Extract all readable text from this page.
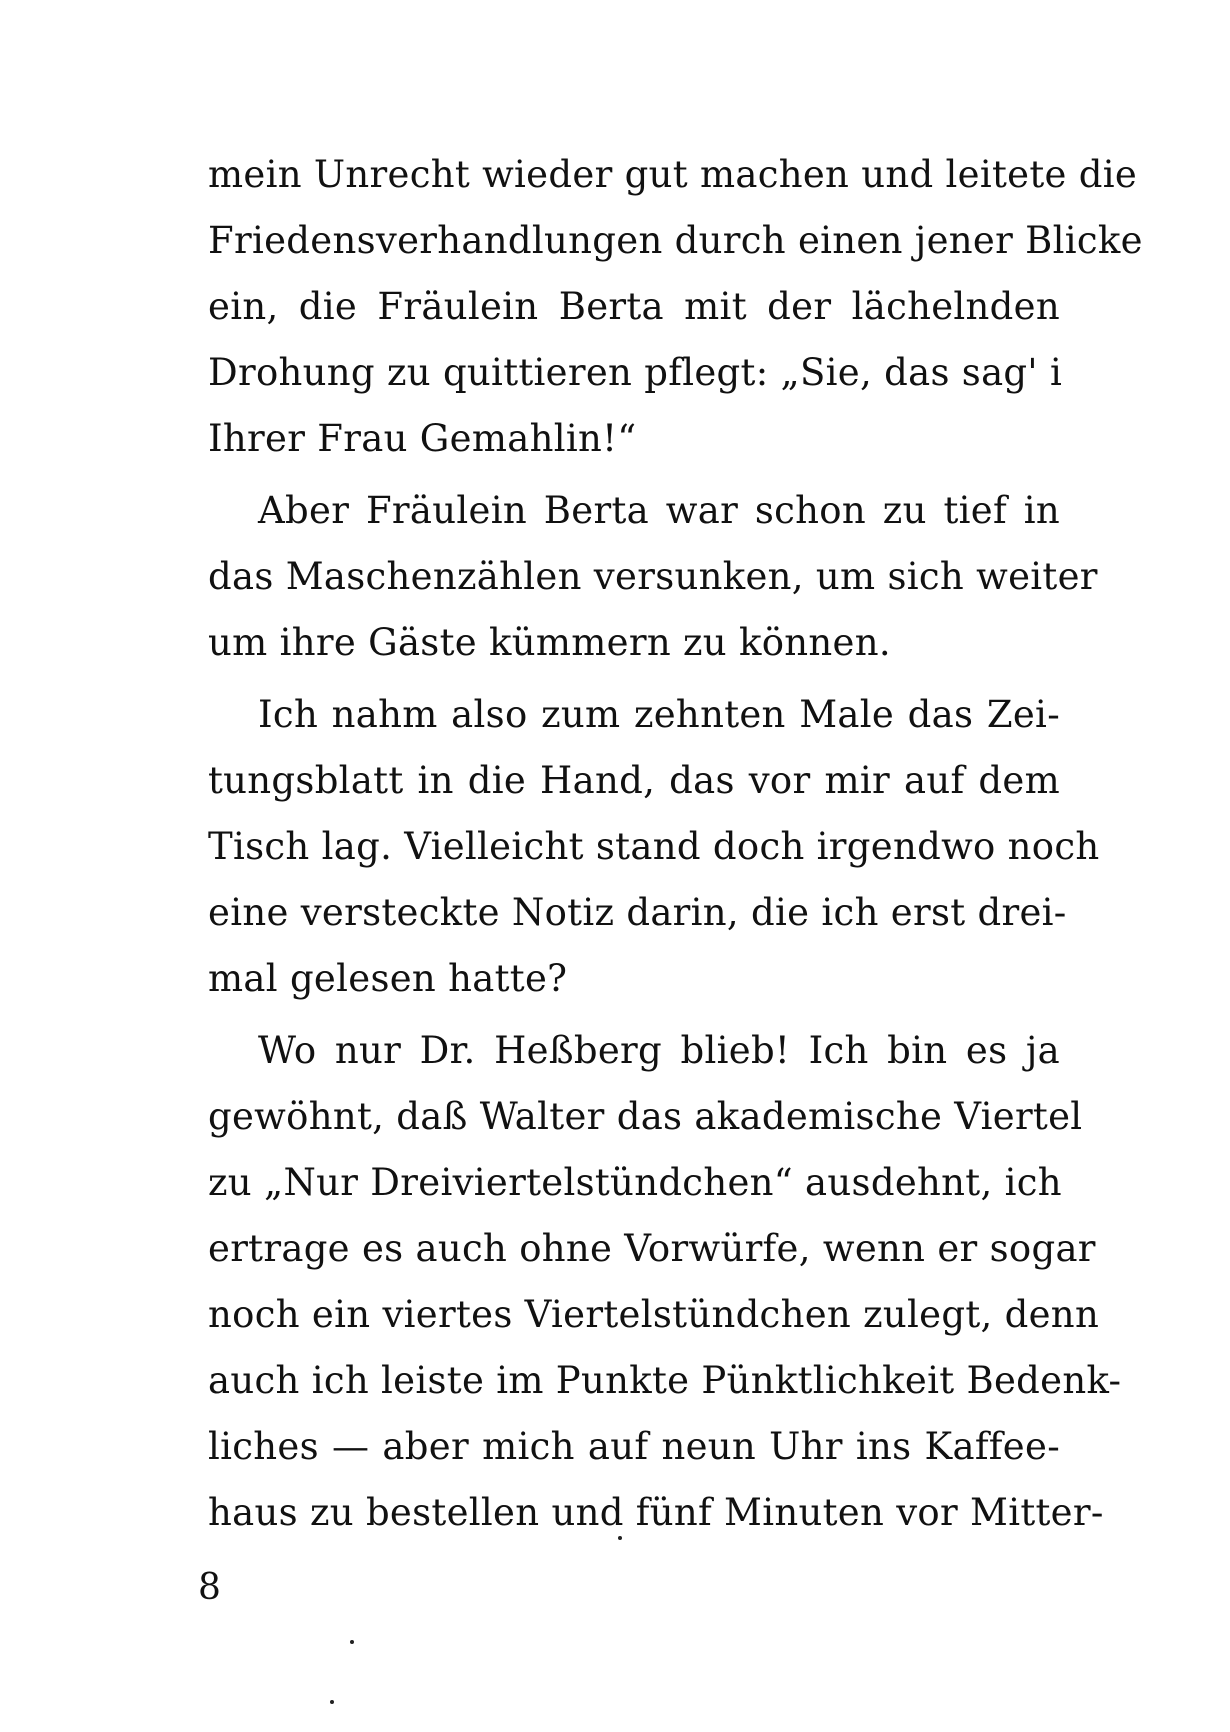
mein Unrecht wieder gut machen und leitete die
Friedensverhandlungen durch einen jener Blicke
ein, die Fräulein Berta mit der lächelnden
Drohung zu quittieren pflegt: „Sie, das sag' i
Ihrer Frau Gemahlin!“
Aber Fräulein Berta war schon zu tief in
das Maschenzählen versunken, um sich weiter
um ihre Gäste kümmern zu können.
Ich nahm also zum zehnten Male das Zei-
tungsblatt in die Hand, das vor mir auf dem
Tisch lag. Vielleicht stand doch irgendwo noch
eine versteckte Notiz darin, die ich erst drei-
mal gelesen hatte?
Wo nur Dr. Heßberg blieb! Ich bin es ja
gewöhnt, daß Walter das akademische Viertel
zu „Nur Dreiviertelstündchen“ ausdehnt, ich
ertrage es auch ohne Vorwürfe, wenn er sogar
noch ein viertes Viertelstündchen zulegt, denn
auch ich leiste im Punkte Pünktlichkeit Bedenk-
liches — aber mich auf neun Uhr ins Kaffee-
haus zu bestellen und fünf Minuten vor Mitter-
8
